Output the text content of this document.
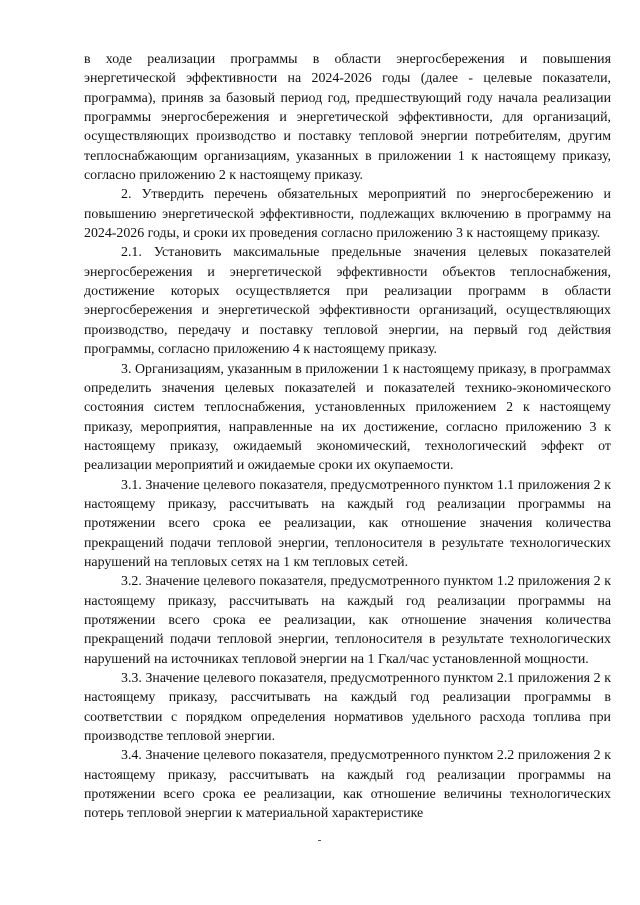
в ходе реализации программы в области энергосбережения и повышения энергетической эффективности на 2024-2026 годы (далее - целевые показатели, программа), приняв за базовый период год, предшествующий году начала реализации программы энергосбережения и энергетической эффективности, для организаций, осуществляющих производство и поставку тепловой энергии потребителям, другим теплоснабжающим организациям, указанных в приложении 1 к настоящему приказу, согласно приложению 2 к настоящему приказу.

2. Утвердить перечень обязательных мероприятий по энергосбережению и повышению энергетической эффективности, подлежащих включению в программу на 2024-2026 годы, и сроки их проведения согласно приложению 3 к настоящему приказу.

2.1. Установить максимальные предельные значения целевых показателей энергосбережения и энергетической эффективности объектов теплоснабжения, достижение которых осуществляется при реализации программ в области энергосбережения и энергетической эффективности организаций, осуществляющих производство, передачу и поставку тепловой энергии, на первый год действия программы, согласно приложению 4 к настоящему приказу.

3. Организациям, указанным в приложении 1 к настоящему приказу, в программах определить значения целевых показателей и показателей технико-экономического состояния систем теплоснабжения, установленных приложением 2 к настоящему приказу, мероприятия, направленные на их достижение, согласно приложению 3 к настоящему приказу, ожидаемый экономический, технологический эффект от реализации мероприятий и ожидаемые сроки их окупаемости.

3.1. Значение целевого показателя, предусмотренного пунктом 1.1 приложения 2 к настоящему приказу, рассчитывать на каждый год реализации программы на протяжении всего срока ее реализации, как отношение значения количества прекращений подачи тепловой энергии, теплоносителя в результате технологических нарушений на тепловых сетях на 1 км тепловых сетей.

3.2. Значение целевого показателя, предусмотренного пунктом 1.2 приложения 2 к настоящему приказу, рассчитывать на каждый год реализации программы на протяжении всего срока ее реализации, как отношение значения количества прекращений подачи тепловой энергии, теплоносителя в результате технологических нарушений на источниках тепловой энергии на 1 Гкал/час установленной мощности.

3.3. Значение целевого показателя, предусмотренного пунктом 2.1 приложения 2 к настоящему приказу, рассчитывать на каждый год реализации программы в соответствии с порядком определения нормативов удельного расхода топлива при производстве тепловой энергии.

3.4. Значение целевого показателя, предусмотренного пунктом 2.2 приложения 2 к настоящему приказу, рассчитывать на каждый год реализации программы на протяжении всего срока ее реализации, как отношение величины технологических потерь тепловой энергии к материальной характеристике
